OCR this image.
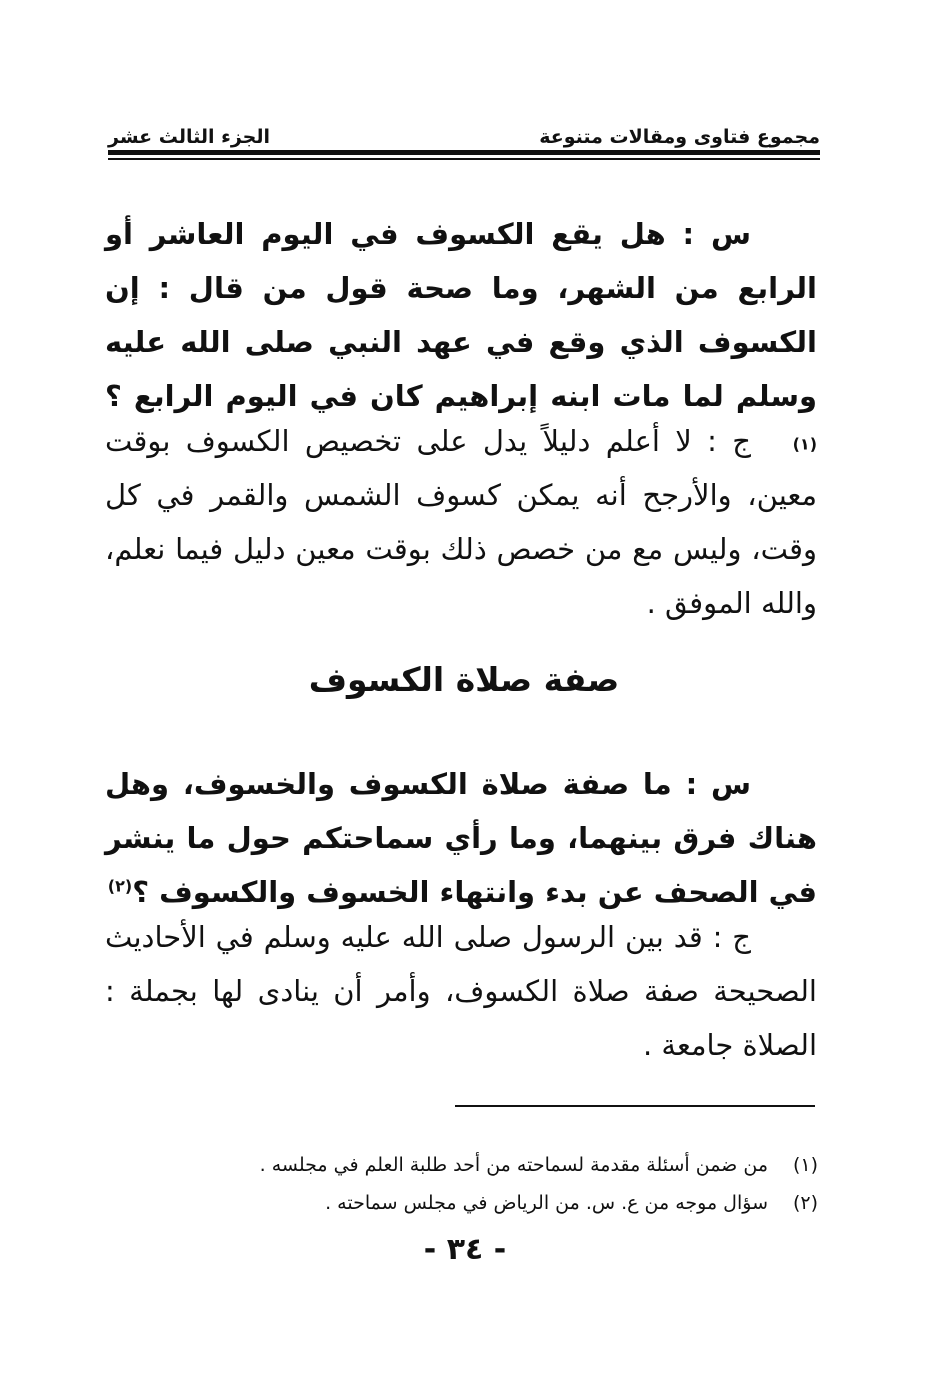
مجموع فتاوى ومقالات متنوعة
الجزء الثالث عشر

س : هل يقع الكسوف في اليوم العاشر أو الرابع من الشهر، وما صحة قول من قال : إن الكسوف الذي وقع في عهد النبي صلى الله عليه وسلم لما مات ابنه إبراهيم كان في اليوم الرابع ؟$^{(١)}$

ج : لا أعلم دليلاً يدل على تخصيص الكسوف بوقت معين، والأرجح أنه يمكن كسوف الشمس والقمر في كل وقت، وليس مع من خصص ذلك بوقت معين دليل فيما نعلم، والله الموفق .

صفة صلاة الكسوف

س : ما صفة صلاة الكسوف والخسوف، وهل هناك فرق بينهما، وما رأي سماحتكم حول ما ينشر في الصحف عن بدء وانتهاء الخسوف والكسوف ؟$^{(٢)}$

ج : قد بين الرسول صلى الله عليه وسلم في الأحاديث الصحيحة صفة صلاة الكسوف، وأمر أن ينادى لها بجملة : الصلاة جامعة .

(١)
من ضمن أسئلة مقدمة لسماحته من أحد طلبة العلم في مجلسه .
(٢)
سؤال موجه من ع. س. من الرياض في مجلس سماحته .
- ٣٤ -
